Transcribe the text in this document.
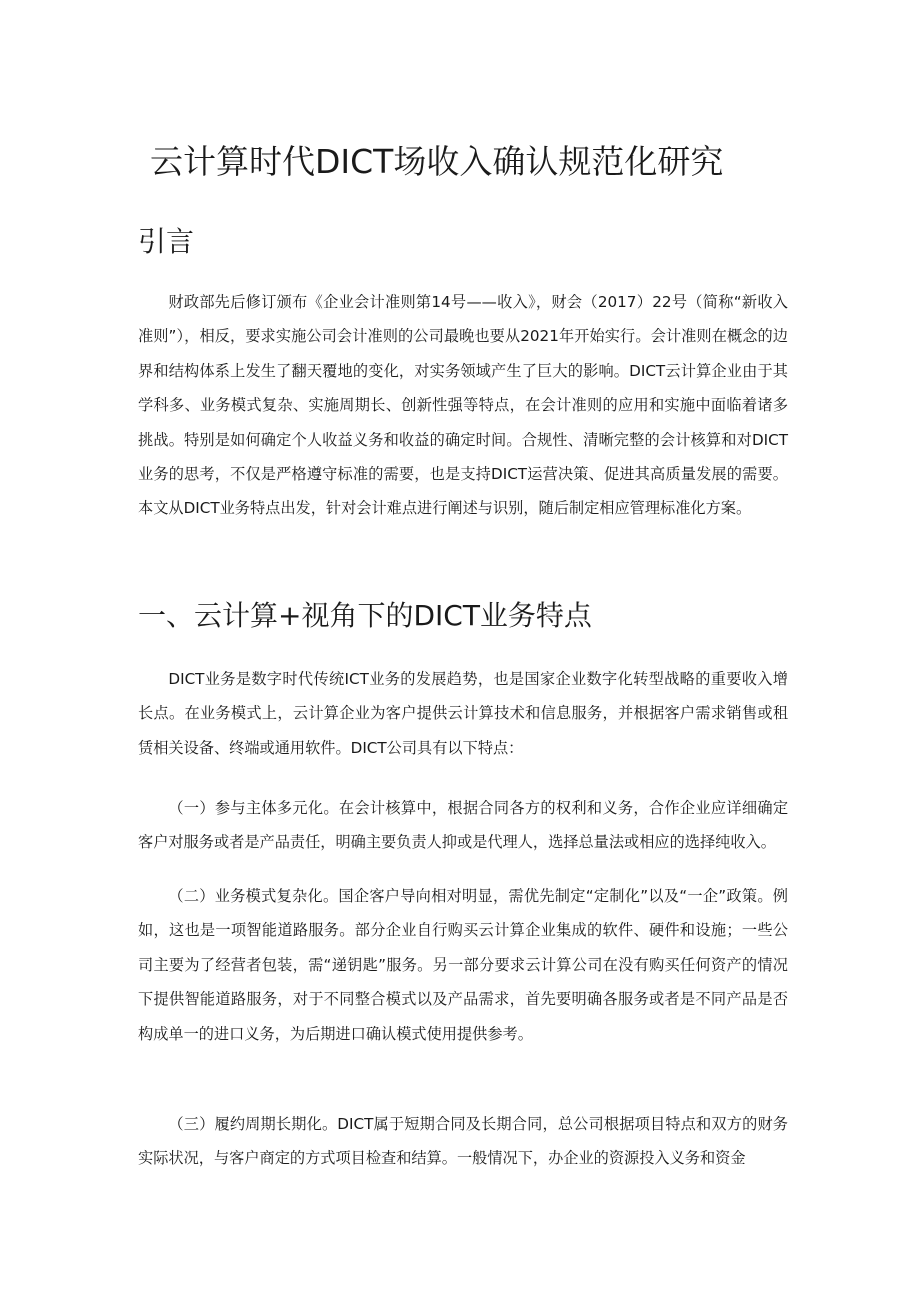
云计算时代DICT场收入确认规范化研究
引言

财政部先后修订颁布《企业会计准则第14号——收入》，财会（2017）22号（简称“新收入准则”），相反，要求实施公司会计准则的公司最晚也要从2021年开始实行。会计准则在概念的边界和结构体系上发生了翻天覆地的变化，对实务领域产生了巨大的影响。DICT云计算企业由于其学科多、业务模式复杂、实施周期长、创新性强等特点，在会计准则的应用和实施中面临着诸多挑战。特别是如何确定个人收益义务和收益的确定时间。合规性、清晰完整的会计核算和对DICT业务的思考，不仅是严格遵守标准的需要，也是支持DICT运营决策、促进其高质量发展的需要。本文从DICT业务特点出发，针对会计难点进行阐述与识别，随后制定相应管理标准化方案。

一、云计算+视角下的DICT业务特点

DICT业务是数字时代传统ICT业务的发展趋势，也是国家企业数字化转型战略的重要收入增长点。在业务模式上，云计算企业为客户提供云计算技术和信息服务，并根据客户需求销售或租赁相关设备、终端或通用软件。DICT公司具有以下特点：

（一）参与主体多元化。在会计核算中，根据合同各方的权利和义务，合作企业应详细确定客户对服务或者是产品责任，明确主要负责人抑或是代理人，选择总量法或相应的选择纯收入。

（二）业务模式复杂化。国企客户导向相对明显，需优先制定“定制化”以及“一企”政策。例如，这也是一项智能道路服务。部分企业自行购买云计算企业集成的软件、硬件和设施；一些公司主要为了经营者包装，需“递钥匙”服务。另一部分要求云计算公司在没有购买任何资产的情况下提供智能道路服务，对于不同整合模式以及产品需求，首先要明确各服务或者是不同产品是否构成单一的进口义务，为后期进口确认模式使用提供参考。

（三）履约周期长期化。DICT属于短期合同及长期合同，总公司根据项目特点和双方的财务实际状况，与客户商定的方式项目检查和结算。一般情况下，办企业的资源投入义务和资金
